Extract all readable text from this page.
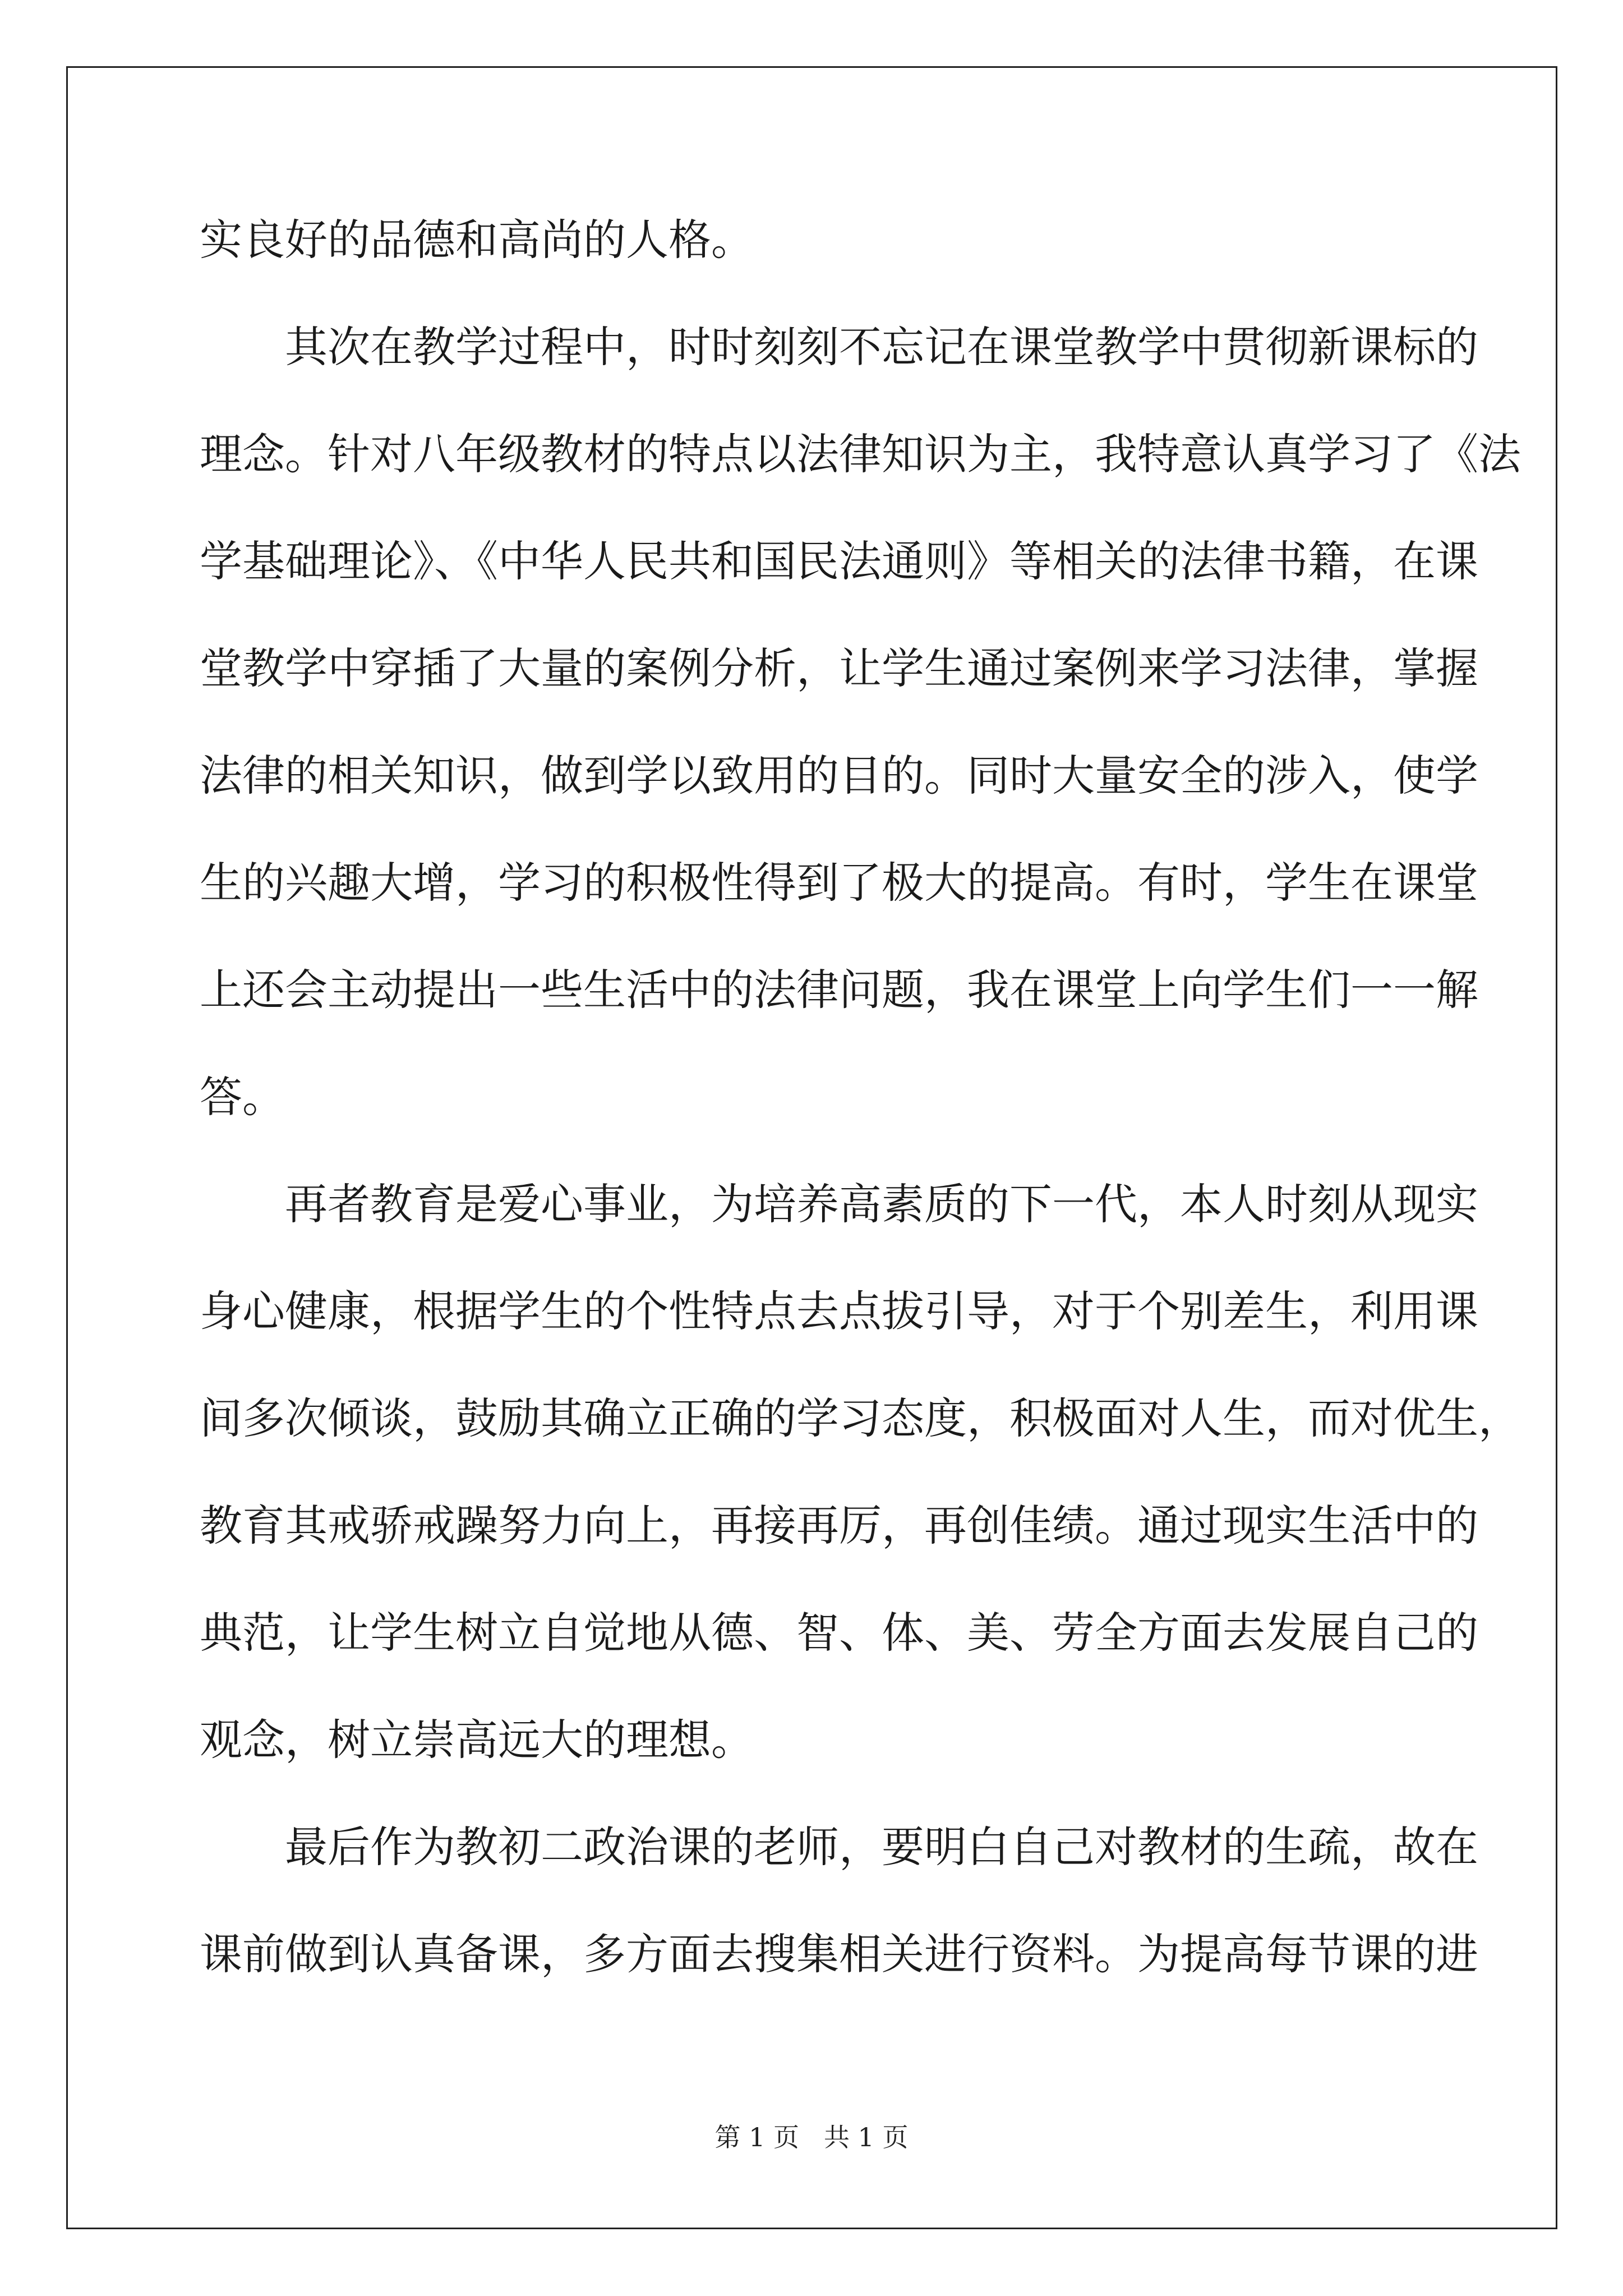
实良好的品德和高尚的人格。
其次在教学过程中，时时刻刻不忘记在课堂教学中贯彻新课标的
理念。针对八年级教材的特点以法律知识为主，我特意认真学习了《法
学基础理论》、《中华人民共和国民法通则》等相关的法律书籍，在课
堂教学中穿插了大量的案例分析，让学生通过案例来学习法律，掌握
法律的相关知识，做到学以致用的目的。同时大量安全的涉入，使学
生的兴趣大增，学习的积极性得到了极大的提高。有时，学生在课堂
上还会主动提出一些生活中的法律问题，我在课堂上向学生们一一解
答。
再者教育是爱心事业，为培养高素质的下一代，本人时刻从现实
身心健康，根据学生的个性特点去点拔引导，对于个别差生，利用课
间多次倾谈，鼓励其确立正确的学习态度，积极面对人生，而对优生，
教育其戒骄戒躁努力向上，再接再厉，再创佳绩。通过现实生活中的
典范，让学生树立自觉地从德、智、体、美、劳全方面去发展自己的
观念，树立崇高远大的理想。
最后作为教初二政治课的老师，要明白自己对教材的生疏，故在
课前做到认真备课，多方面去搜集相关进行资料。为提高每节课的进
第 1 页 共 1 页
